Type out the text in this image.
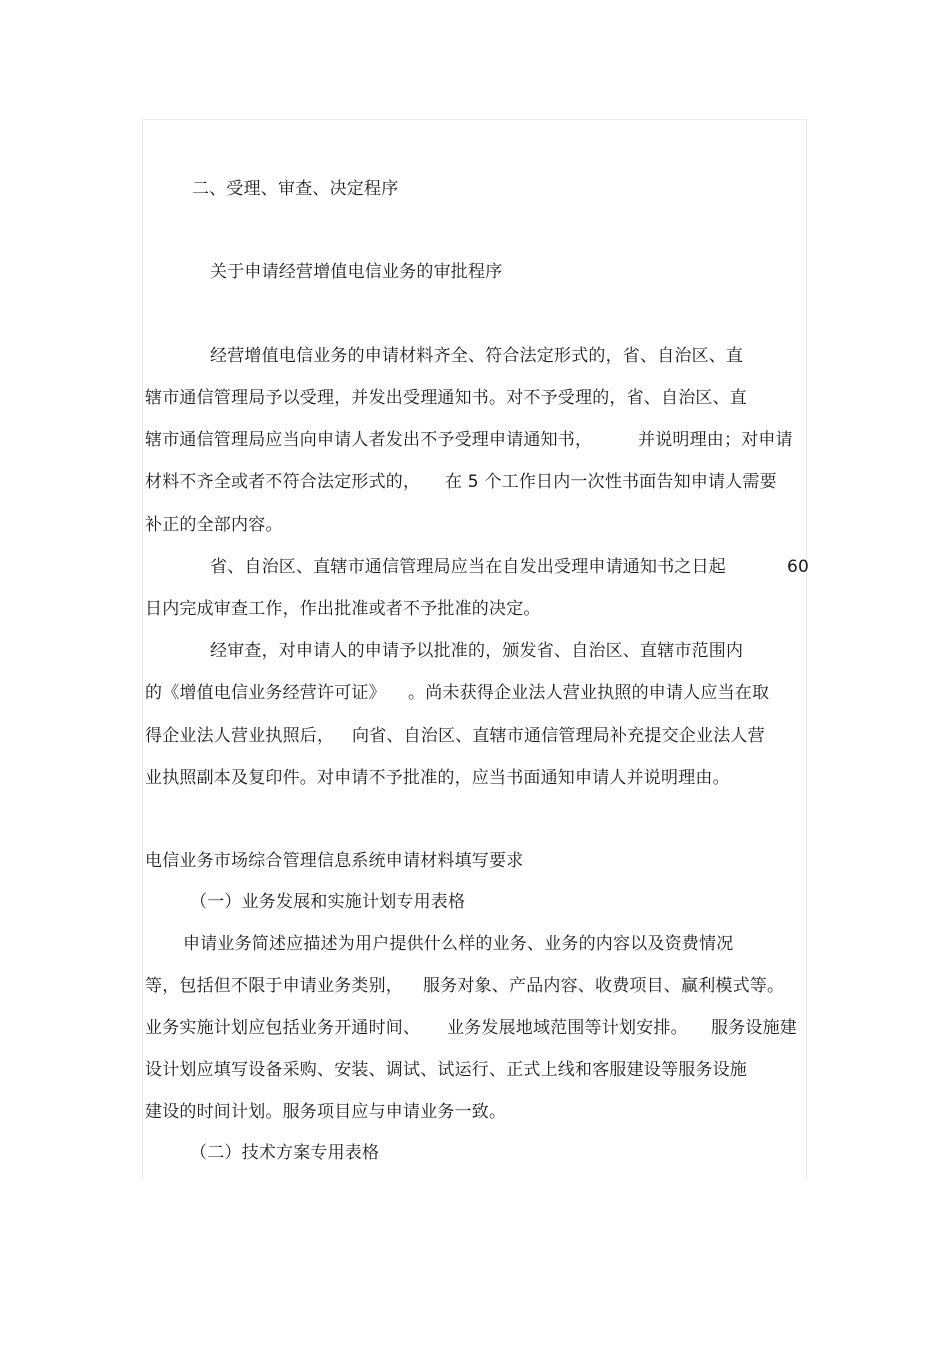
二、受理、审查、决定程序
关于申请经营增值电信业务的审批程序
经营增值电信业务的申请材料齐全、符合法定形式的，省、自治区、直
辖市通信管理局予以受理，并发出受理通知书。对不予受理的，省、自治区、直
辖市通信管理局应当向申请人者发出不予受理申请通知书，	并说明理由；对申请
材料不齐全或者不符合法定形式的， 在 5 个工作日内一次性书面告知申请人需要
补正的全部内容。
省、自治区、直辖市通信管理局应当在自发出受理申请通知书之日起	60
日内完成审查工作，作出批准或者不予批准的决定。
经审查，对申请人的申请予以批准的，颁发省、自治区、直辖市范围内
的《增值电信业务经营许可证》 。尚未获得企业法人营业执照的申请人应当在取
得企业法人营业执照后， 向省、自治区、直辖市通信管理局补充提交企业法人营
业执照副本及复印件。对申请不予批准的，应当书面通知申请人并说明理由。
电信业务市场综合管理信息系统申请材料填写要求
（一）业务发展和实施计划专用表格
申请业务简述应描述为用户提供什么样的业务、业务的内容以及资费情况
等，包括但不限于申请业务类别， 服务对象、产品内容、收费项目、赢利模式等。
业务实施计划应包括业务开通时间、 业务发展地域范围等计划安排。 服务设施建
设计划应填写设备采购、安装、调试、试运行、正式上线和客服建设等服务设施
建设的时间计划。服务项目应与申请业务一致。
（二）技术方案专用表格
